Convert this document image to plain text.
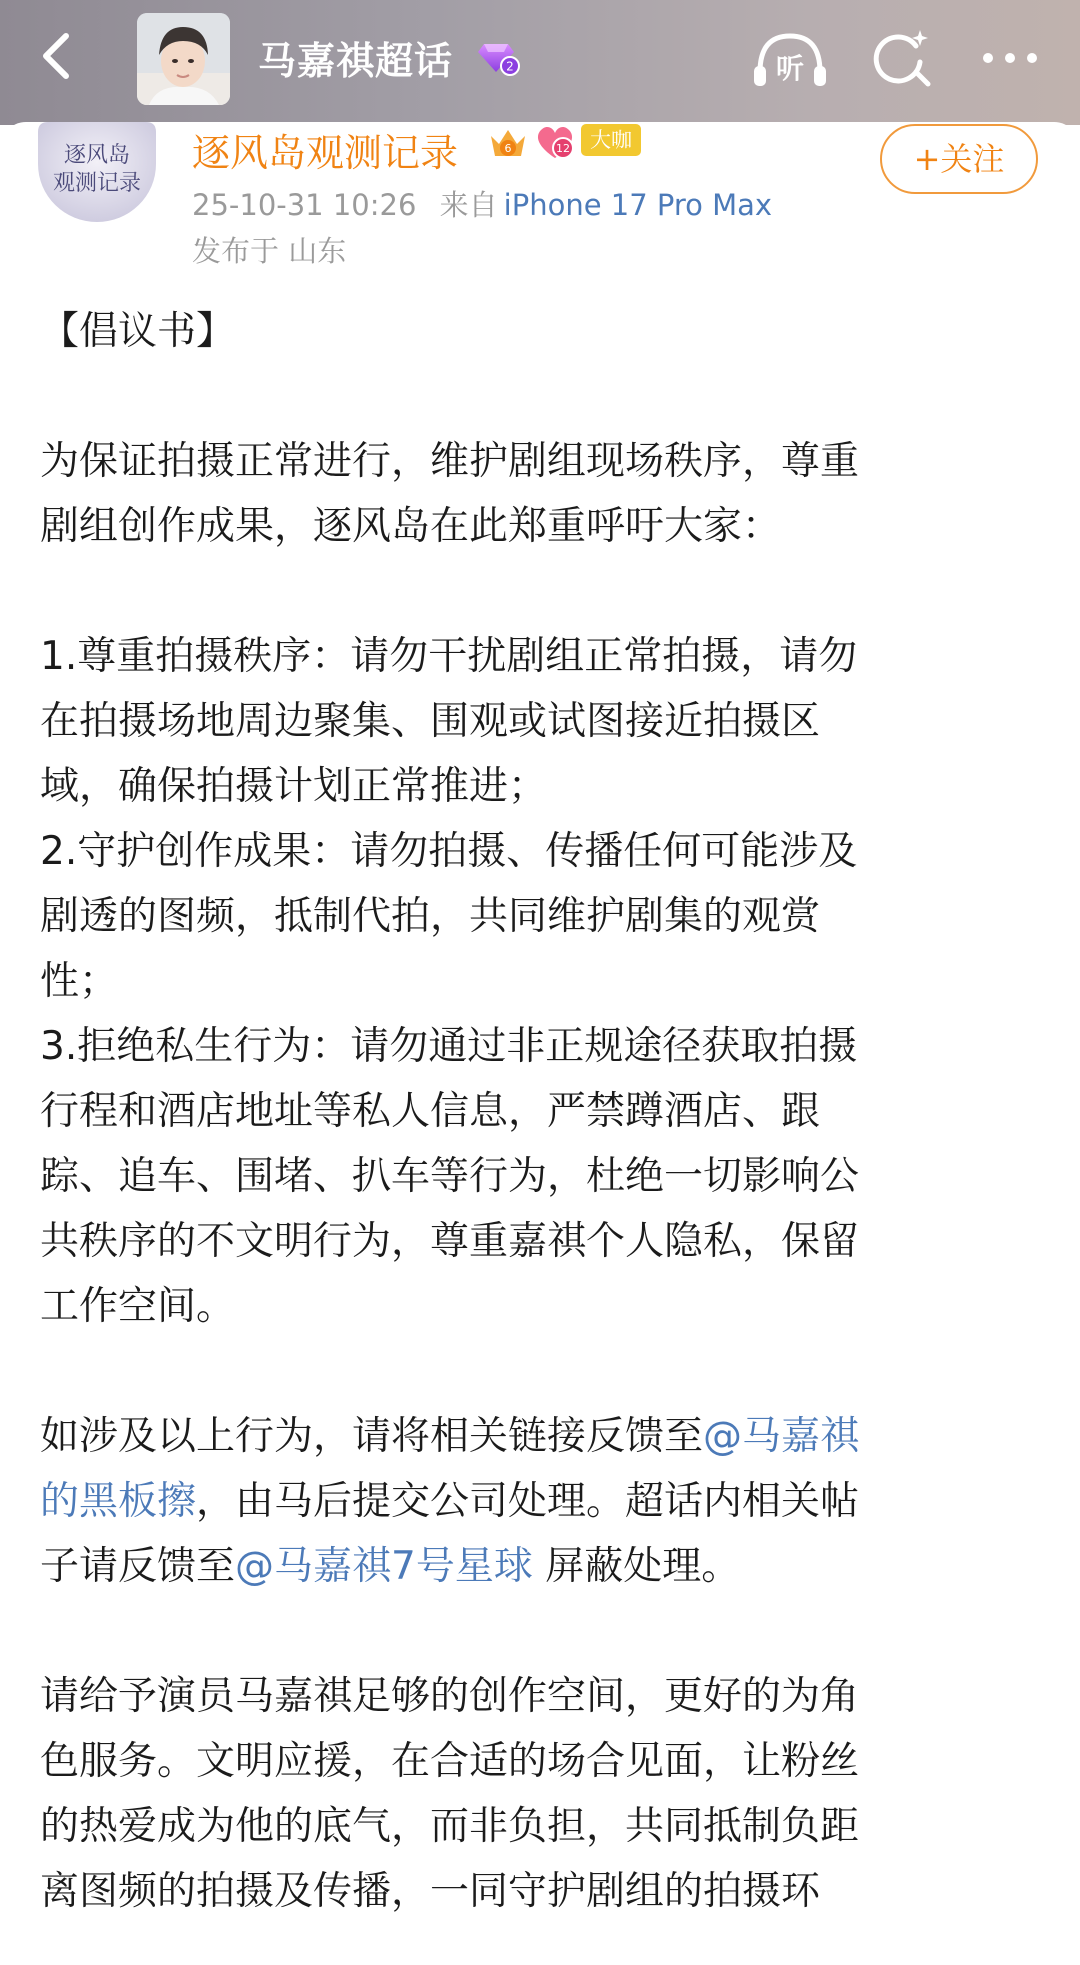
马嘉祺超话	2	听
逐风岛
观测记录
逐风岛观测记录	6	12 大咖	+关注
25-10-31 10:26 来自 iPhone 17 Pro Max
发布于 山东
【倡议书】
为保证拍摄正常进行，维护剧组现场秩序，尊重
剧组创作成果，逐风岛在此郑重呼吁大家：
1.尊重拍摄秩序：请勿干扰剧组正常拍摄，请勿
在拍摄场地周边聚集、围观或试图接近拍摄区
域，确保拍摄计划正常推进；
2.守护创作成果：请勿拍摄、传播任何可能涉及
剧透的图频，抵制代拍，共同维护剧集的观赏
性；
3.拒绝私生行为：请勿通过非正规途径获取拍摄
行程和酒店地址等私人信息，严禁蹲酒店、跟
踪、追车、围堵、扒车等行为，杜绝一切影响公
共秩序的不文明行为，尊重嘉祺个人隐私，保留
工作空间。
如涉及以上行为，请将相关链接反馈至@马嘉祺
的黑板擦，由马后提交公司处理。超话内相关帖
子请反馈至@马嘉祺7号星球 屏蔽处理。
请给予演员马嘉祺足够的创作空间，更好的为角
色服务。文明应援，在合适的场合见面，让粉丝
的热爱成为他的底气，而非负担，共同抵制负距
离图频的拍摄及传播，一同守护剧组的拍摄环
